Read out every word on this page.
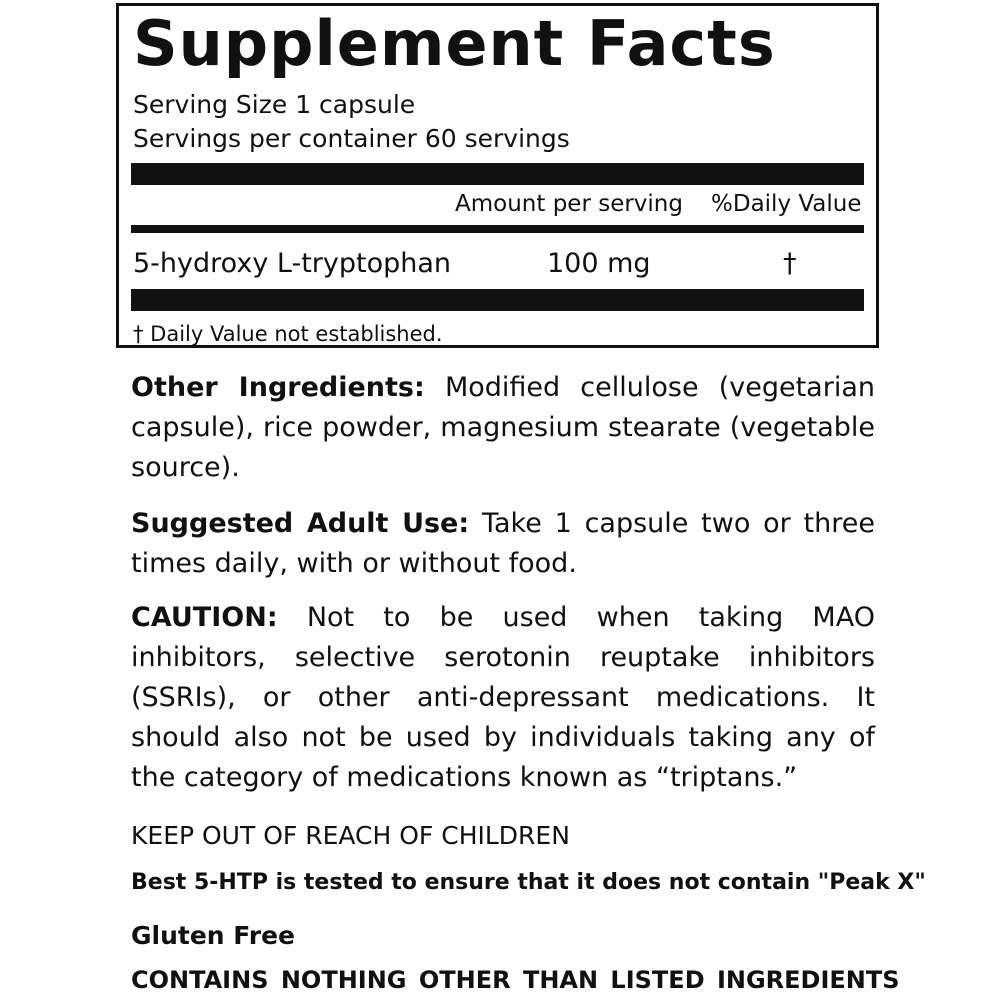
Supplement Facts
Serving Size 1 capsule
Servings per container 60 servings
Amount per serving %Daily Value
5-hydroxy L-tryptophan	100 mg	†
† Daily Value not established.
Other Ingredients: Modified cellulose (vegetarian
capsule), rice powder, magnesium stearate (vegetable
source).
Suggested Adult Use: Take 1 capsule two or three
times daily, with or without food.
CAUTION: Not to be used when taking MAO
inhibitors, selective serotonin reuptake inhibitors
(SSRIs), or other anti-depressant medications. It
should also not be used by individuals taking any of
the category of medications known as “triptans.”
KEEP OUT OF REACH OF CHILDREN
Best 5-HTP is tested to ensure that it does not contain "Peak X"
Gluten Free
CONTAINS NOTHING OTHER THAN LISTED INGREDIENTS
